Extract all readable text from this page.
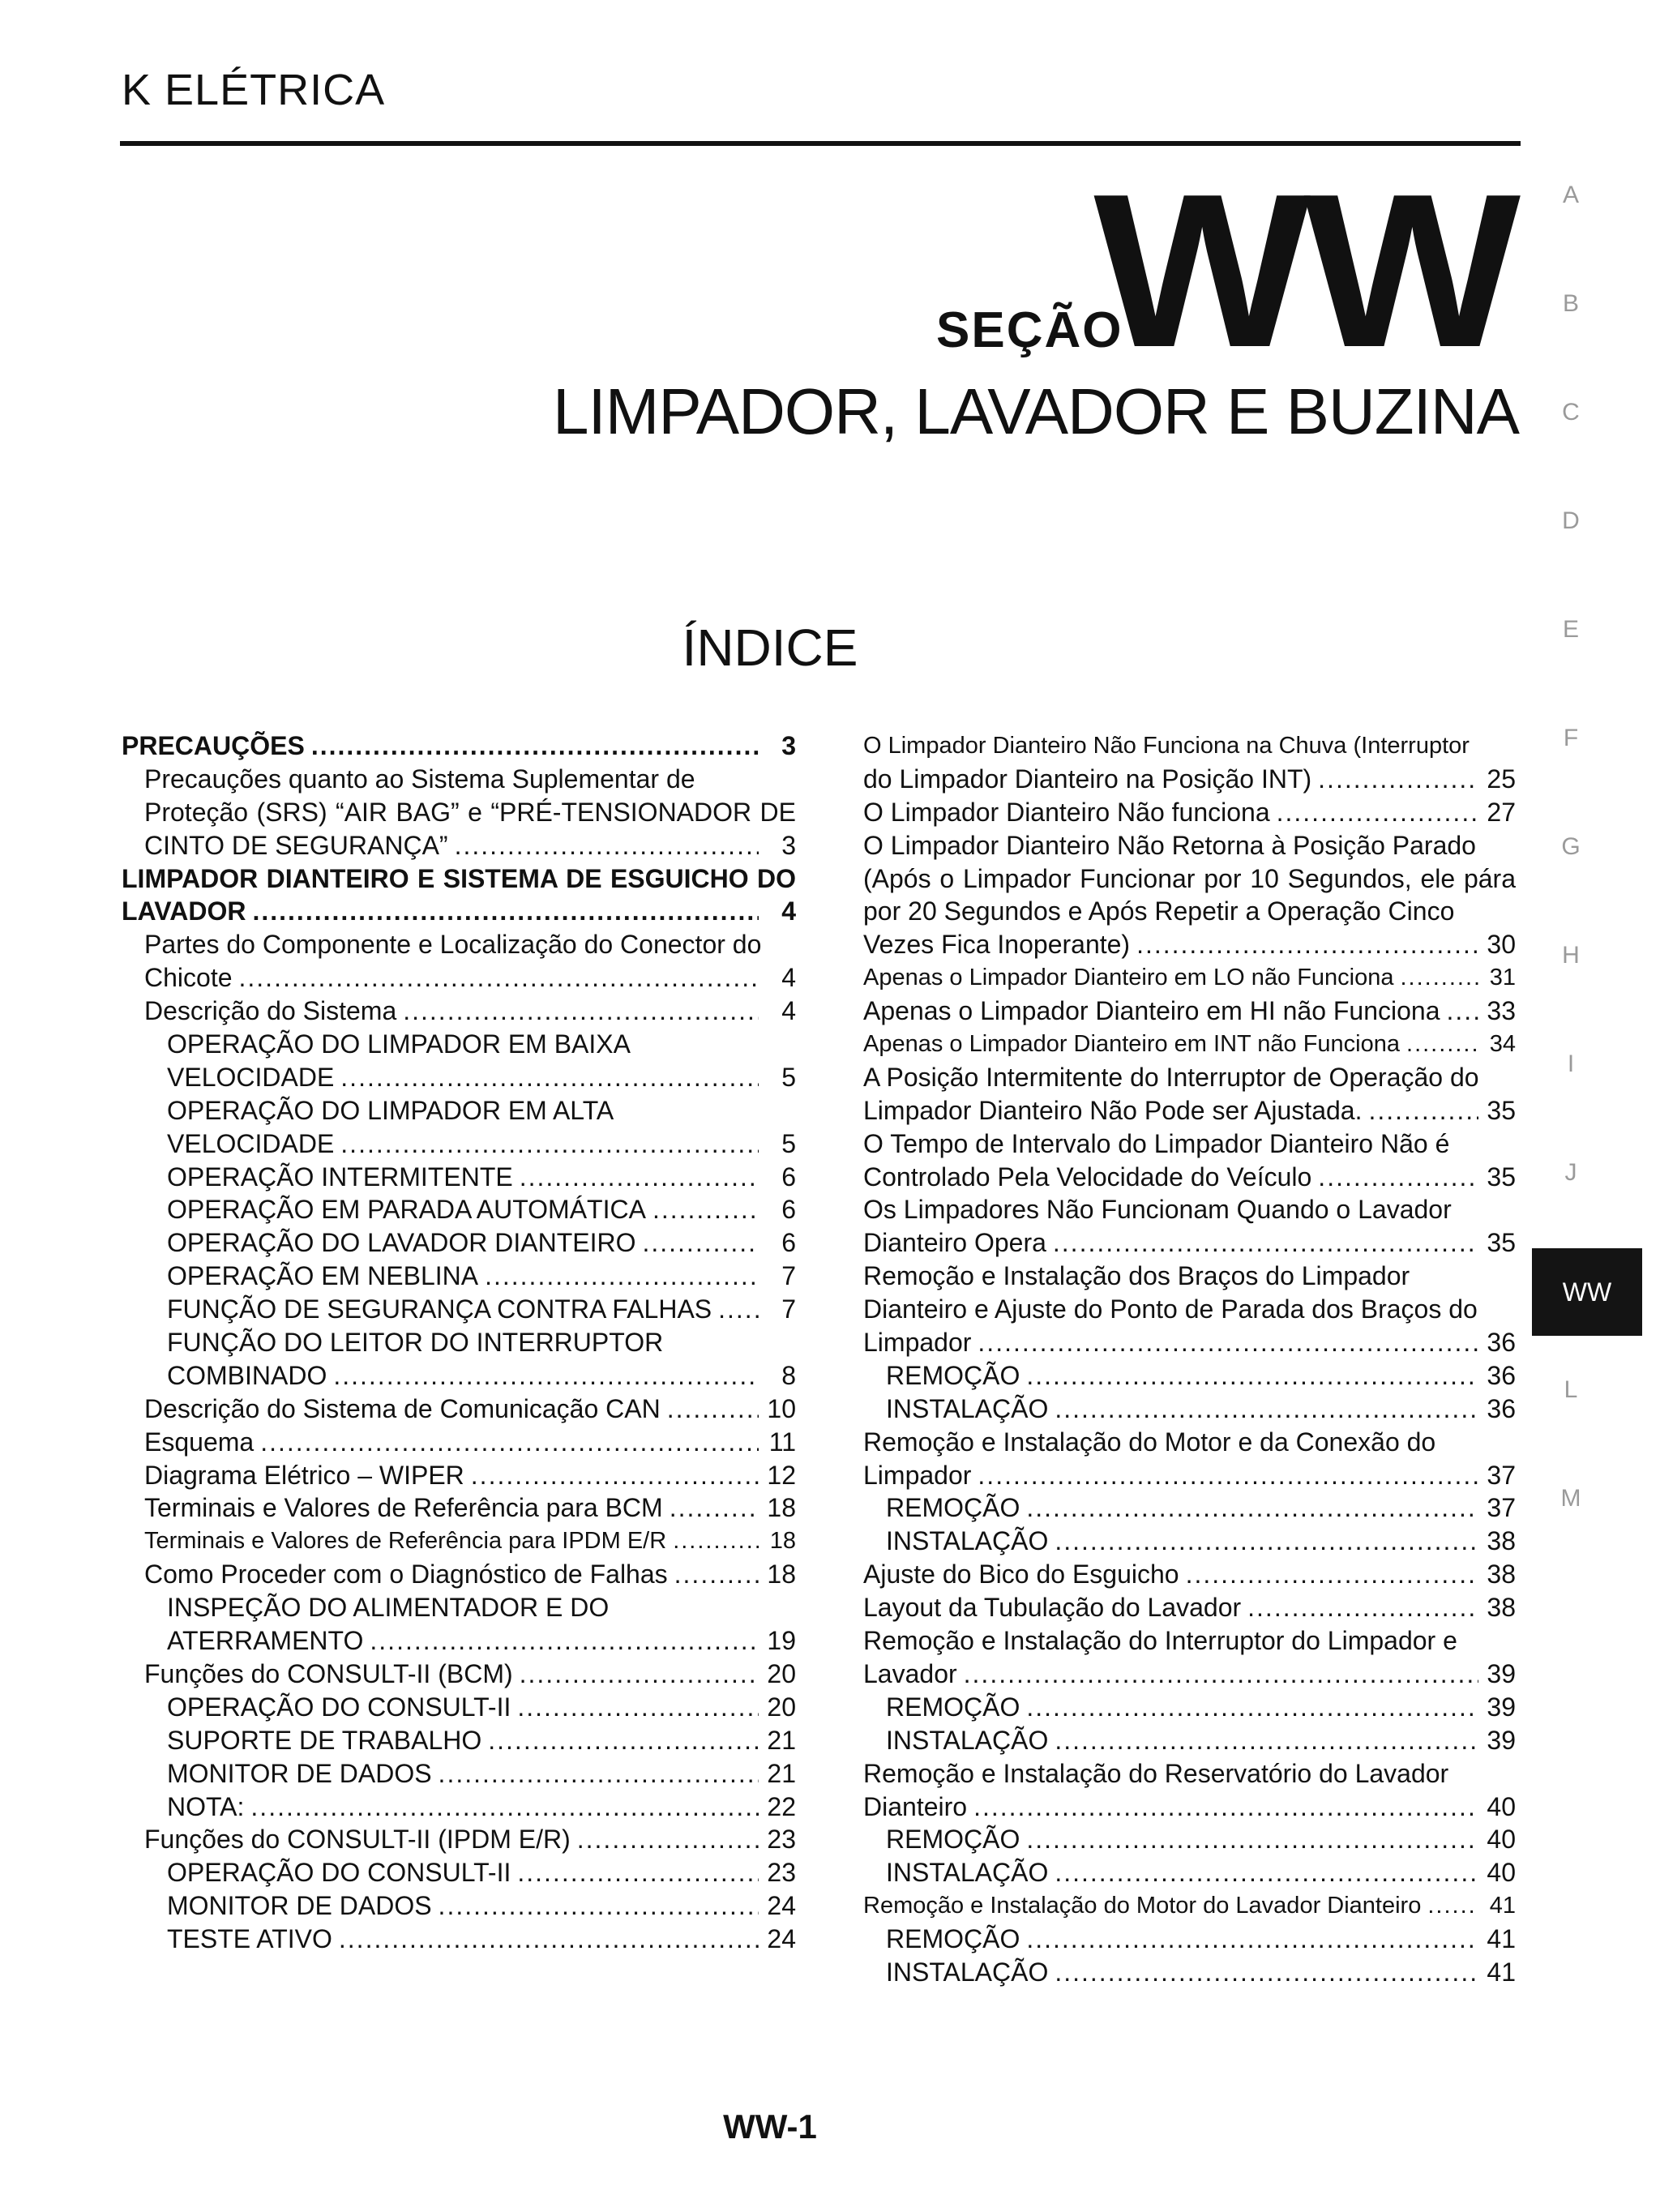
K ELÉTRICA
WW
SEÇÃO
LIMPADOR, LAVADOR E BUZINA
ÍNDICE
PRECAUÇÕES .....	3
Precauções quanto ao Sistema Suplementar de
Proteção (SRS) “AIR BAG” e “PRÉ-TENSIONADOR DE
CINTO DE SEGURANÇA” .....	3
LIMPADOR DIANTEIRO E SISTEMA DE ESGUICHO DO
LAVADOR .....	4
Partes do Componente e Localização do Conector do
Chicote .....	4
Descrição do Sistema .....	4
OPERAÇÃO DO LIMPADOR EM BAIXA
VELOCIDADE .....	5
OPERAÇÃO DO LIMPADOR EM ALTA
VELOCIDADE .....	5
OPERAÇÃO INTERMITENTE .....	6
OPERAÇÃO EM PARADA AUTOMÁTICA .....	6
OPERAÇÃO DO LAVADOR DIANTEIRO .....	6
OPERAÇÃO EM NEBLINA .....	7
FUNÇÃO DE SEGURANÇA CONTRA FALHAS .....	7
FUNÇÃO DO LEITOR DO INTERRUPTOR
COMBINADO .....	8
Descrição do Sistema de Comunicação CAN .....	10
Esquema .....	11
Diagrama Elétrico – WIPER .....	12
Terminais e Valores de Referência para BCM .....	18
Terminais e Valores de Referência para IPDM E/R .....	18
Como Proceder com o Diagnóstico de Falhas .....	18
INSPEÇÃO DO ALIMENTADOR E DO
ATERRAMENTO .....	19
Funções do CONSULT-II (BCM) .....	20
OPERAÇÃO DO CONSULT-II .....	20
SUPORTE DE TRABALHO .....	21
MONITOR DE DADOS .....	21
NOTA: .....	22
Funções do CONSULT-II (IPDM E/R) .....	23
OPERAÇÃO DO CONSULT-II .....	23
MONITOR DE DADOS .....	24
TESTE ATIVO .....	24
O Limpador Dianteiro Não Funciona na Chuva (Interruptor
do Limpador Dianteiro na Posição INT) .....	25
O Limpador Dianteiro Não funciona .....	27
O Limpador Dianteiro Não Retorna à Posição Parado
(Após o Limpador Funcionar por 10 Segundos, ele pára
por 20 Segundos e Após Repetir a Operação Cinco
Vezes Fica Inoperante) .....	30
Apenas o Limpador Dianteiro em LO não Funciona .....	31
Apenas o Limpador Dianteiro em HI não Funciona .....	33
Apenas o Limpador Dianteiro em INT não Funciona .....	34
A Posição Intermitente do Interruptor de Operação do
Limpador Dianteiro Não Pode ser Ajustada. .....	35
O Tempo de Intervalo do Limpador Dianteiro Não é
Controlado Pela Velocidade do Veículo .....	35
Os Limpadores Não Funcionam Quando o Lavador
Dianteiro Opera .....	35
Remoção e Instalação dos Braços do Limpador
Dianteiro e Ajuste do Ponto de Parada dos Braços do
Limpador .....	36
REMOÇÃO .....	36
INSTALAÇÃO .....	36
Remoção e Instalação do Motor e da Conexão do
Limpador .....	37
REMOÇÃO .....	37
INSTALAÇÃO .....	38
Ajuste do Bico do Esguicho .....	38
Layout da Tubulação do Lavador .....	38
Remoção e Instalação do Interruptor do Limpador e
Lavador .....	39
REMOÇÃO .....	39
INSTALAÇÃO .....	39
Remoção e Instalação do Reservatório do Lavador
Dianteiro .....	40
REMOÇÃO .....	40
INSTALAÇÃO .....	40
Remoção e Instalação do Motor do Lavador Dianteiro .....	41
REMOÇÃO .....	41
INSTALAÇÃO .....	41
A
B
C
D
E
F
G
H
I
J
L
M
WW
WW-1
